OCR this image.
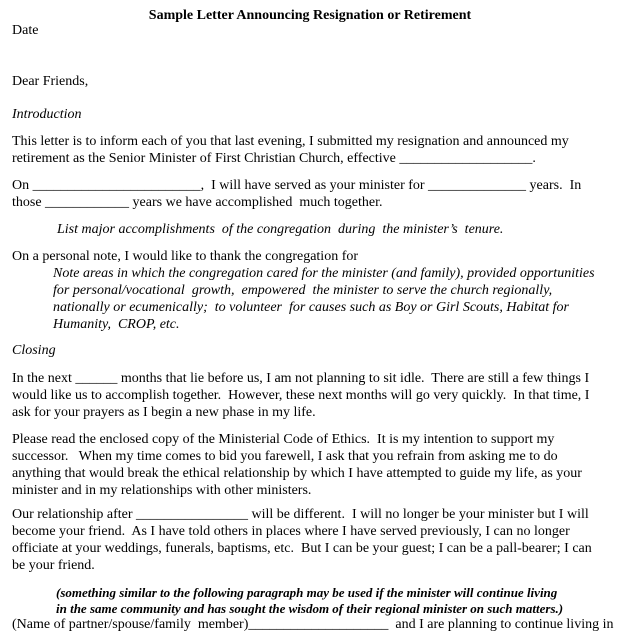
Sample Letter Announcing Resignation or Retirement
Date
Dear Friends,
Introduction
This letter is to inform each of you that last evening, I submitted my resignation and announced my
retirement as the Senior Minister of First Christian Church, effective ___________________.
On ________________________,  I will have served as your minister for ______________ years.  In
those ____________ years we have accomplished  much together.
List major accomplishments  of the congregation  during  the minister’s  tenure.
On a personal note, I would like to thank the congregation for
Note areas in which the congregation cared for the minister (and family), provided opportunities
for personal/vocational  growth,  empowered  the minister to serve the church regionally,
nationally or ecumenically;  to volunteer  for causes such as Boy or Girl Scouts, Habitat for
Humanity,  CROP, etc.
Closing
In the next ______ months that lie before us, I am not planning to sit idle.  There are still a few things I
would like us to accomplish together.  However, these next months will go very quickly.  In that time, I
ask for your prayers as I begin a new phase in my life.
Please read the enclosed copy of the Ministerial Code of Ethics.  It is my intention to support my
successor.   When my time comes to bid you farewell, I ask that you refrain from asking me to do
anything that would break the ethical relationship by which I have attempted to guide my life, as your
minister and in my relationships with other ministers.
Our relationship after ________________ will be different.  I will no longer be your minister but I will
become your friend.  As I have told others in places where I have served previously, I can no longer
officiate at your weddings, funerals, baptisms, etc.  But I can be your guest; I can be a pall-bearer; I can
be your friend.
(something similar to the following paragraph may be used if the minister will continue living
in the same community and has sought the wisdom of their regional minister on such matters.)
(Name of partner/spouse/family  member)____________________  and I are planning to continue living in
